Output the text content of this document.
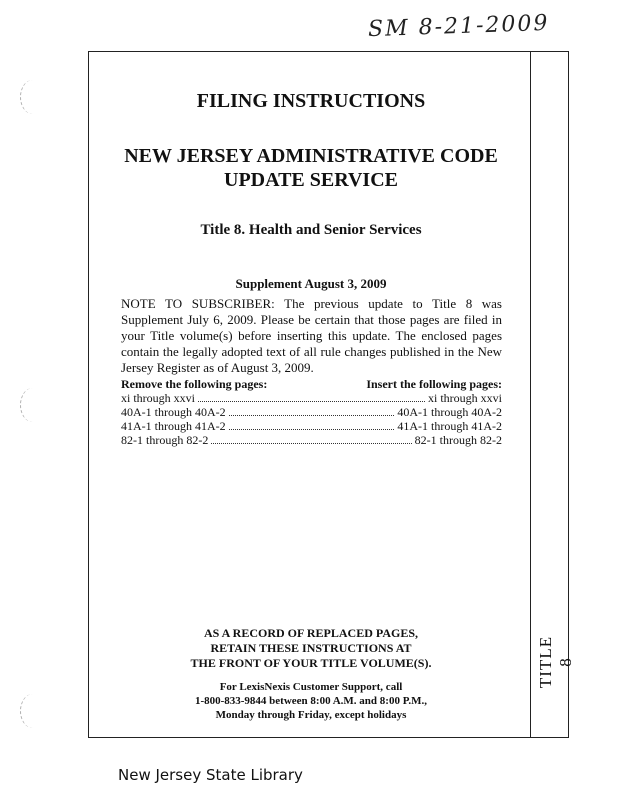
SM 8-21-2009
TITLE 8
FILING INSTRUCTIONS
NEW JERSEY ADMINISTRATIVE CODE
UPDATE SERVICE
Title 8. Health and Senior Services
Supplement August 3, 2009
NOTE TO SUBSCRIBER: The previous update to Title 8 was Supplement July 6, 2009. Please be certain that those pages are filed in your Title volume(s) before inserting this update. The enclosed pages contain the legally adopted text of all rule changes published in the New Jersey Register as of August 3, 2009.
Remove the following pages:	Insert the following pages:
xi through xxvi	xi through xxvi
40A-1 through 40A-2	40A-1 through 40A-2
41A-1 through 41A-2	41A-1 through 41A-2
82-1 through 82-2	82-1 through 82-2
AS A RECORD OF REPLACED PAGES,
RETAIN THESE INSTRUCTIONS AT
THE FRONT OF YOUR TITLE VOLUME(S).
For LexisNexis Customer Support, call
1-800-833-9844 between 8:00 A.M. and 8:00 P.M.,
Monday through Friday, except holidays
New Jersey State Library
